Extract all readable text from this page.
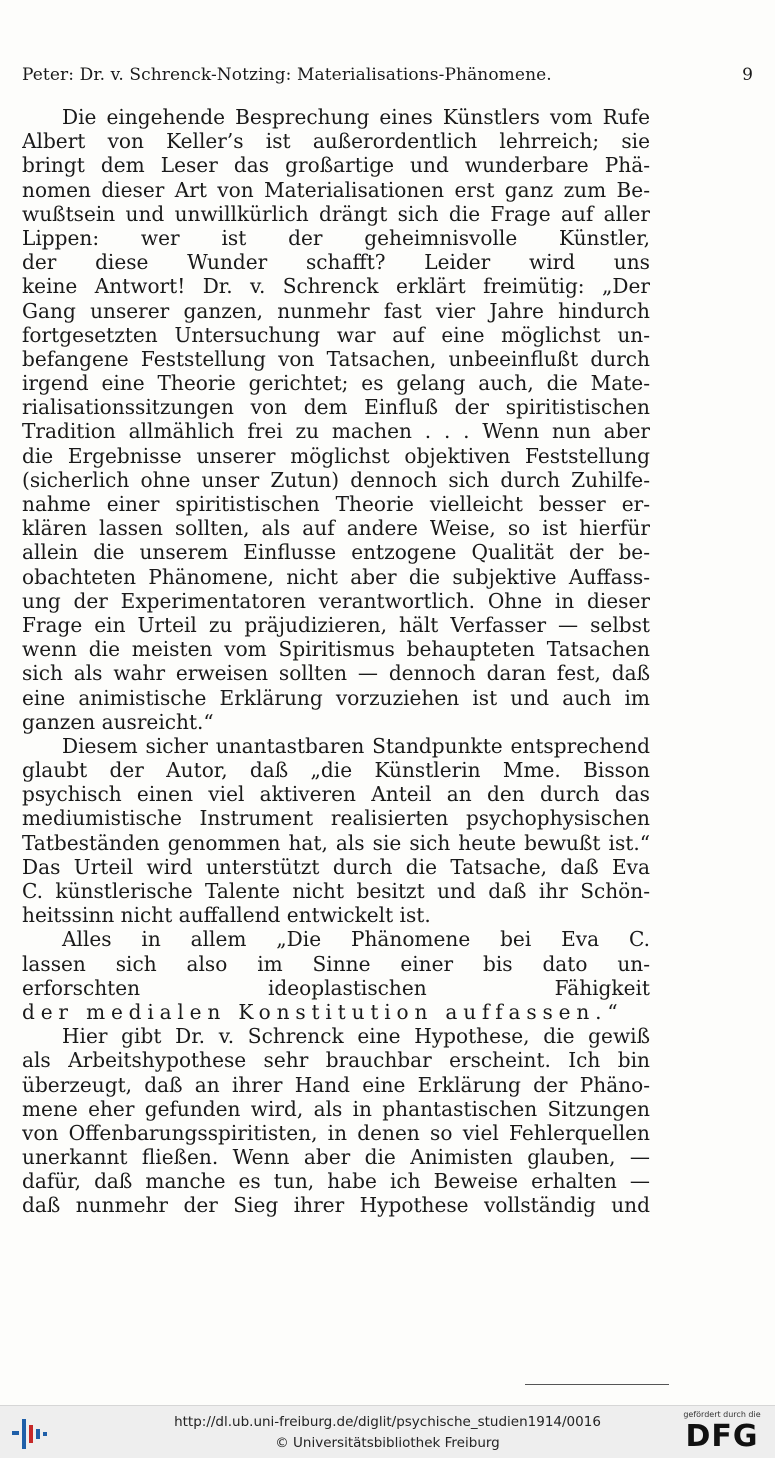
Peter: Dr. v. Schrenck-Notzing: Materialisations-Phänomene.	9
Die eingehende Besprechung eines Künstlers vom Rufe
Albert von Keller’s ist außerordentlich lehrreich; sie
bringt dem Leser das großartige und wunderbare Phä-
nomen dieser Art von Materialisationen erst ganz zum Be-
wußtsein und unwillkürlich drängt sich die Frage auf aller
Lippen: wer ist der geheimnisvolle Künstler,
der diese Wunder schafft? Leider wird uns
keine Antwort! Dr. v. Schrenck erklärt freimütig: „Der
Gang unserer ganzen, nunmehr fast vier Jahre hindurch
fortgesetzten Untersuchung war auf eine möglichst un-
befangene Feststellung von Tatsachen, unbeeinflußt durch
irgend eine Theorie gerichtet; es gelang auch, die Mate-
rialisationssitzungen von dem Einfluß der spiritistischen
Tradition allmählich frei zu machen . . . Wenn nun aber
die Ergebnisse unserer möglichst objektiven Feststellung
(sicherlich ohne unser Zutun) dennoch sich durch Zuhilfe-
nahme einer spiritistischen Theorie vielleicht besser er-
klären lassen sollten, als auf andere Weise, so ist hierfür
allein die unserem Einflusse entzogene Qualität der be-
obachteten Phänomene, nicht aber die subjektive Auffass-
ung der Experimentatoren verantwortlich. Ohne in dieser
Frage ein Urteil zu präjudizieren, hält Verfasser — selbst
wenn die meisten vom Spiritismus behaupteten Tatsachen
sich als wahr erweisen sollten — dennoch daran fest, daß
eine animistische Erklärung vorzuziehen ist und auch im
ganzen ausreicht.“
Diesem sicher unantastbaren Standpunkte entsprechend
glaubt der Autor, daß „die Künstlerin Mme. Bisson
psychisch einen viel aktiveren Anteil an den durch das
mediumistische Instrument realisierten psychophysischen
Tatbeständen genommen hat, als sie sich heute bewußt ist.“
Das Urteil wird unterstützt durch die Tatsache, daß Eva
C. künstlerische Talente nicht besitzt und daß ihr Schön-
heitssinn nicht auffallend entwickelt ist.
Alles in allem „Die Phänomene bei Eva C.
lassen sich also im Sinne einer bis dato un-
erforschten ideoplastischen Fähigkeit
der medialen Konstitution auffassen.“
Hier gibt Dr. v. Schrenck eine Hypothese, die gewiß
als Arbeitshypothese sehr brauchbar erscheint. Ich bin
überzeugt, daß an ihrer Hand eine Erklärung der Phäno-
mene eher gefunden wird, als in phantastischen Sitzungen
von Offenbarungsspiritisten, in denen so viel Fehlerquellen
unerkannt fließen. Wenn aber die Animisten glauben, —
dafür, daß manche es tun, habe ich Beweise erhalten —
daß nunmehr der Sieg ihrer Hypothese vollständig und
http://dl.ub.uni-freiburg.de/diglit/psychische_studien1914/0016
© Universitätsbibliothek Freiburg
gefördert durch die
DFG
